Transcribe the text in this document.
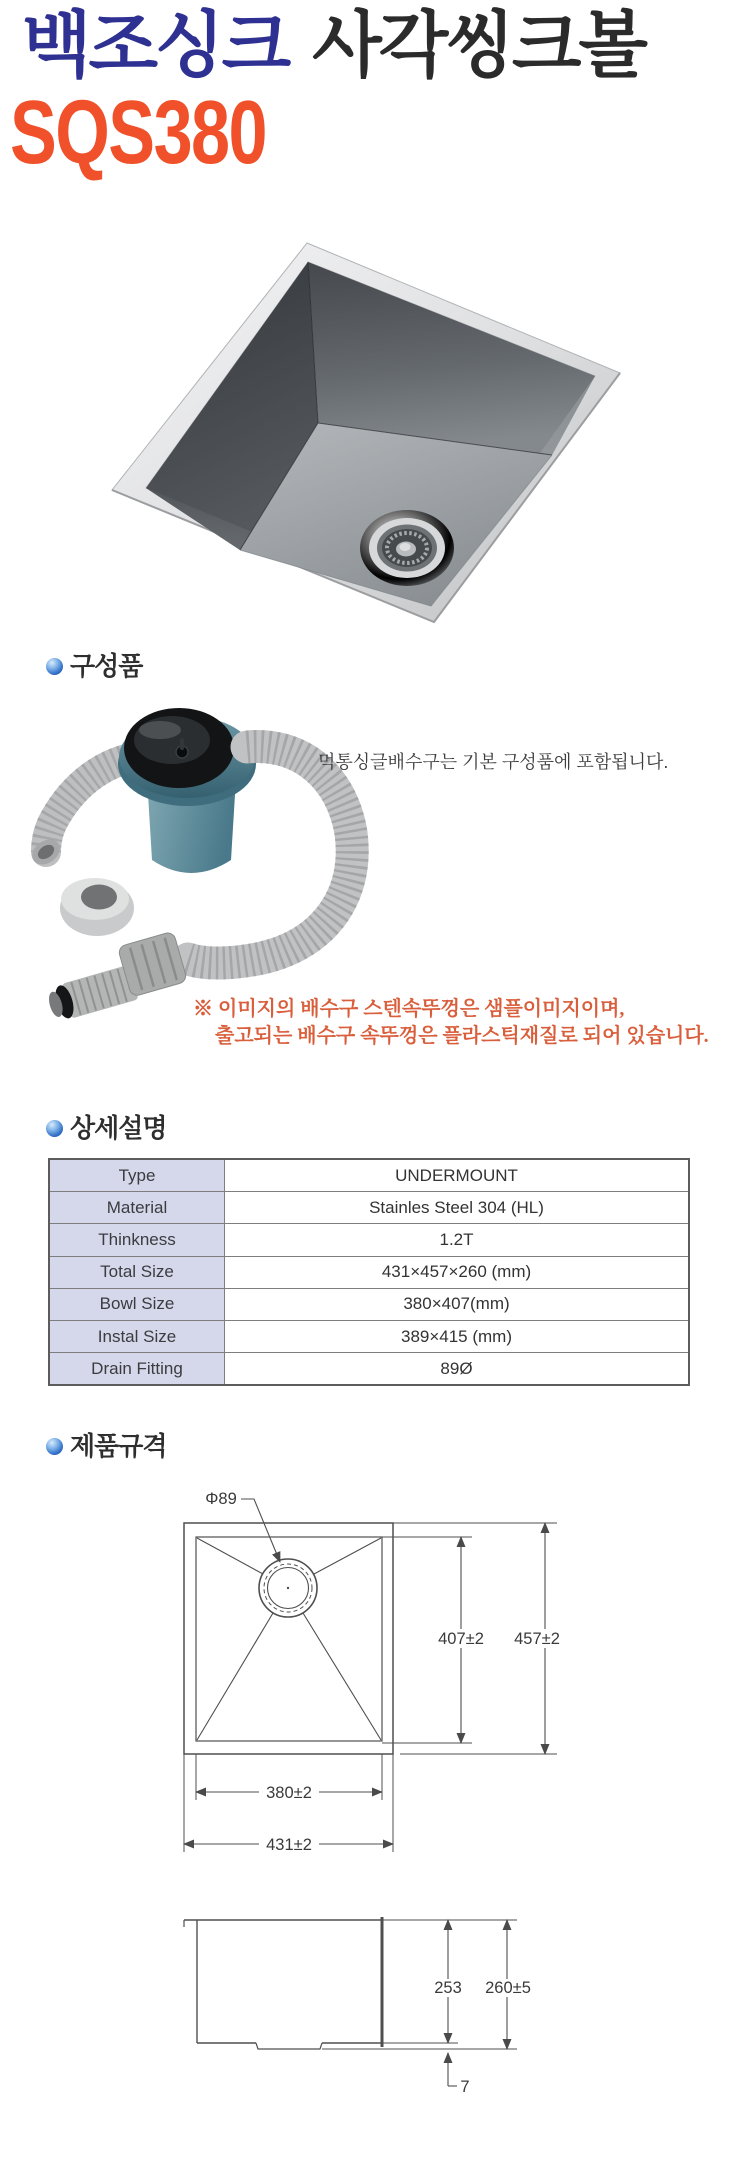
백조싱크 사각씽크볼
SQS380
구성품
먹통싱글배수구는 기본 구성품에 포함됩니다.
※ 이미지의 배수구 스텐속뚜껑은 샘플이미지이며,
출고되는 배수구 속뚜껑은 플라스틱재질로 되어 있습니다.
상세설명
Type	UNDERMOUNT
Material	Stainles Steel 304 (HL)
Thinkness	1.2T
Total Size	431×457×260 (mm)
Bowl Size	380×407(mm)
Instal Size	389×415 (mm)
Drain Fitting	89Ø
제품규격
Φ89
407±2 457±2
380±2
431±2
253 260±5
7
